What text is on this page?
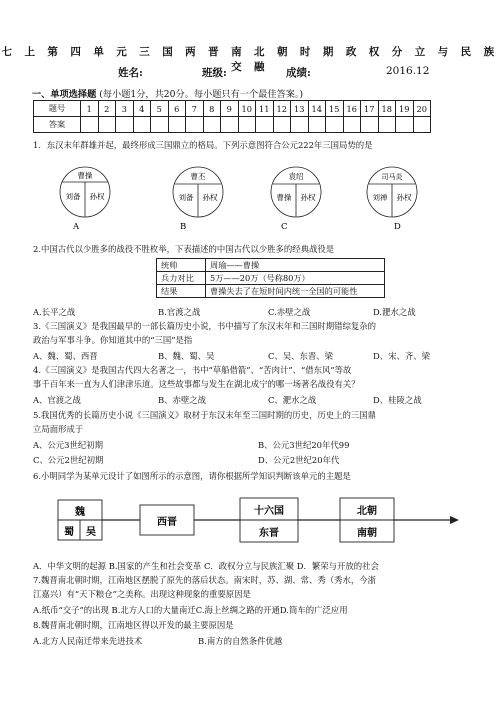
七 上 第 四 单 元 三 国 两 晋 南 北 朝 时 期 政 权 分 立 与 民 族 交 融
姓名:	班级:	成绩:	2016.12
一、单项选择题 (每小题1分，共20分。每小题只有一个最佳答案。)
题号	1	2	3	4	5	6	7	8	9	10	11	12	13	14	15	16	17	18	19	20
答案																				
1．东汉末年群雄并起，最终形成三国鼎立的格局。下列示意图符合公元222年三国局势的是
曹操
刘备 孙权
A
曹丕
刘备 孙权
B
袁绍
曹操 孙权
C
司马炎
刘禅 孙权
D
2.中国古代以少胜多的战役不胜枚举，下表描述的中国古代以少胜多的经典战役是
统帅	周瑜——曹操
兵力对比	5万——20万（号称80万）
结果	曹操失去了在短时间内统一全国的可能性
A.长平之战	B.官渡之战	C.赤壁之战	D.淝水之战
3.《三国演义》是我国最早的一部长篇历史小说，书中描写了东汉末年和三国时期错综复杂的
政治与军事斗争。你知道其中的“三国”是指
A、魏、蜀、西晋	B、魏、蜀、吴	C、吴、东晋、梁	D、宋、齐、梁
4.《三国演义》是我国古代四大名著之一，书中“草船借箭”、“苦肉计”、“借东风”等故
事千百年来一直为人们津津乐道。这些故事都与发生在湖北成宁的哪一场著名战役有关？
A、官渡之战	B、赤壁之战	C、淝水之战	D、桂陵之战
5.我国优秀的长篇历史小说《三国演义》取材于东汉末年至三国时期的历史，历史上的三国鼎
立局面形成于
A、公元3世纪初期	B、公元3世纪20年代99
C、公元2世纪初期	D、公元2世纪20年代
6.小明同学为某单元设计了如图所示的示意图，请你根据所学知识判断该单元的主题是
魏
蜀 吴
西晋
十六国
东晋
北朝
南朝
A．中华文明的起源 B.国家的产生和社会变革 C．政权分立与民族汇聚 D．繁荣与开放的社会
7.魏晋南北朝时期，江南地区摆脱了原先的落后状态。南宋时，苏、湖、常、秀（秀水，今浙
江嘉兴）有“天下粮仓”之美称。出现这种现象的重要原因是
A.纸币“交子”的出现 B.北方人口的大量南迁C.海上丝绸之路的开通D.筒车的广泛应用
8.魏晋南北朝时期，江南地区得以开发的最主要原因是
A.北方人民南迁带来先进技术	B.南方的自然条件优越
